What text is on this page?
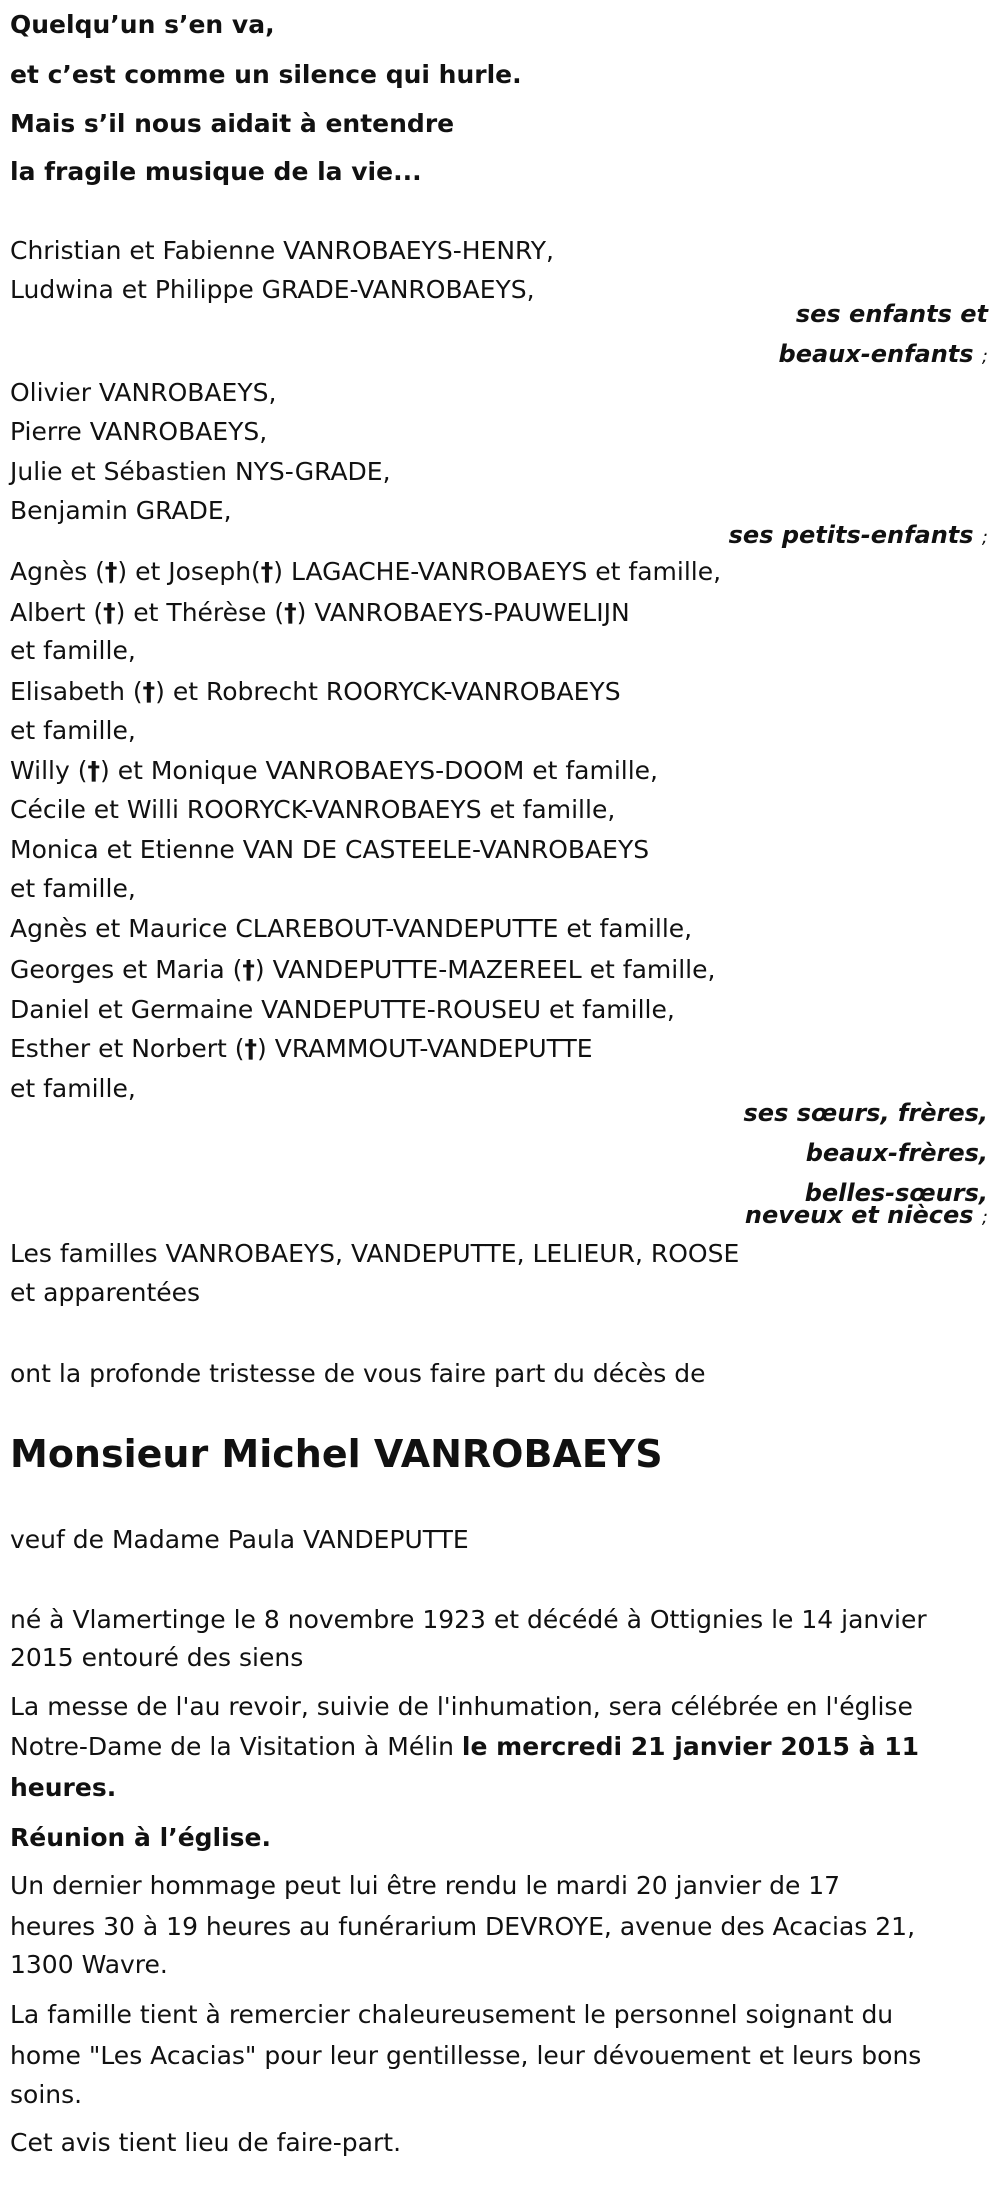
Quelqu’un s’en va,
et c’est comme un silence qui hurle.
Mais s’il nous aidait à entendre
la fragile musique de la vie...
Christian et Fabienne VANROBAEYS-HENRY,
Ludwina et Philippe GRADE-VANROBAEYS,
ses enfants et
beaux-enfants ;
Olivier VANROBAEYS,
Pierre VANROBAEYS,
Julie et Sébastien NYS-GRADE,
Benjamin GRADE,
ses petits-enfants ;
Agnès (†) et Joseph(†) LAGACHE-VANROBAEYS et famille,
Albert (†) et Thérèse (†) VANROBAEYS-PAUWELIJN
et famille,
Elisabeth (†) et Robrecht ROORYCK-VANROBAEYS
et famille,
Willy (†) et Monique VANROBAEYS-DOOM et famille,
Cécile et Willi ROORYCK-VANROBAEYS et famille,
Monica et Etienne VAN DE CASTEELE-VANROBAEYS
et famille,
Agnès et Maurice CLAREBOUT-VANDEPUTTE et famille,
Georges et Maria (†) VANDEPUTTE-MAZEREEL et famille,
Daniel et Germaine VANDEPUTTE-ROUSEU et famille,
Esther et Norbert (†) VRAMMOUT-VANDEPUTTE
et famille,
ses sœurs, frères,
beaux-frères,
belles-sœurs,
neveux et nièces ;
Les familles VANROBAEYS, VANDEPUTTE, LELIEUR, ROOSE
et apparentées
ont la profonde tristesse de vous faire part du décès de
Monsieur Michel VANROBAEYS
veuf de Madame Paula VANDEPUTTE
né à Vlamertinge le 8 novembre 1923 et décédé à Ottignies le 14 janvier
2015 entouré des siens
La messe de l'au revoir, suivie de l'inhumation, sera célébrée en l'église
Notre-Dame de la Visitation à Mélin le mercredi 21 janvier 2015 à 11
heures.
Réunion à l’église.
Un dernier hommage peut lui être rendu le mardi 20 janvier de 17
heures 30 à 19 heures au funérarium DEVROYE, avenue des Acacias 21,
1300 Wavre.
La famille tient à remercier chaleureusement le personnel soignant du
home "Les Acacias" pour leur gentillesse, leur dévouement et leurs bons
soins.
Cet avis tient lieu de faire-part.
